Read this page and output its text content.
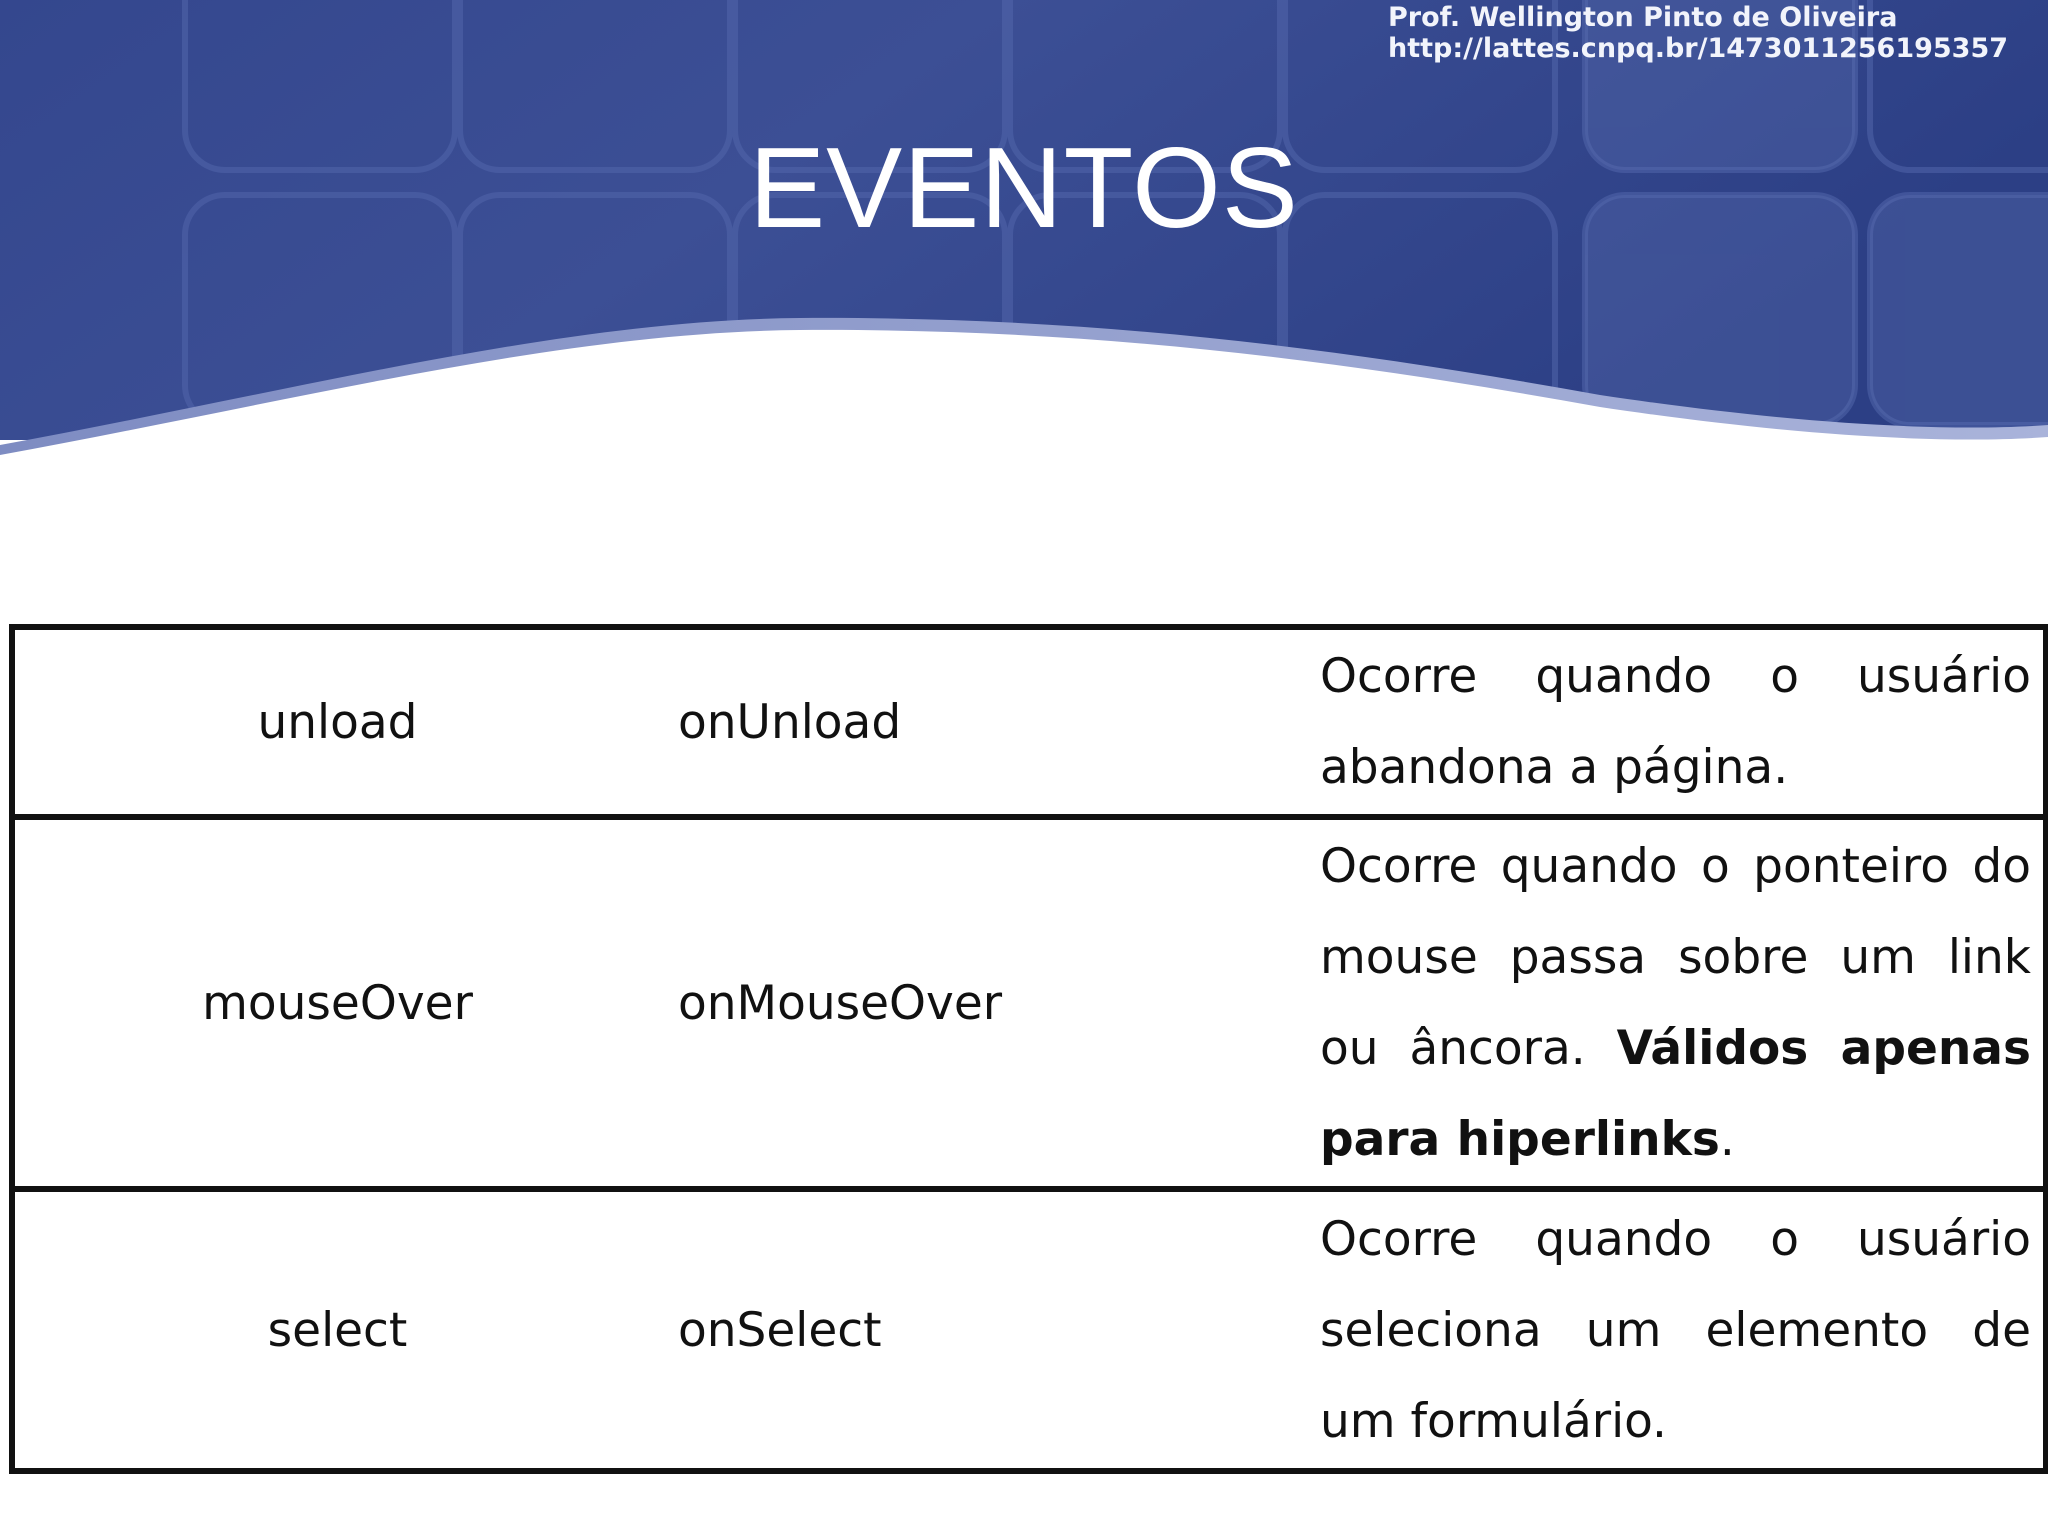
Prof. Wellington Pinto de Oliveira
http://lattes.cnpq.br/1473011256195357
EVENTOS
unload	onUnload	Ocorre quando o usuário abandona a página.

mouseOver	onMouseOver	Ocorre quando o ponteiro do mouse passa sobre um link ou âncora. Válidos apenas para hiperlinks.

select	onSelect	Ocorre quando o usuário seleciona um elemento de um formulário.
